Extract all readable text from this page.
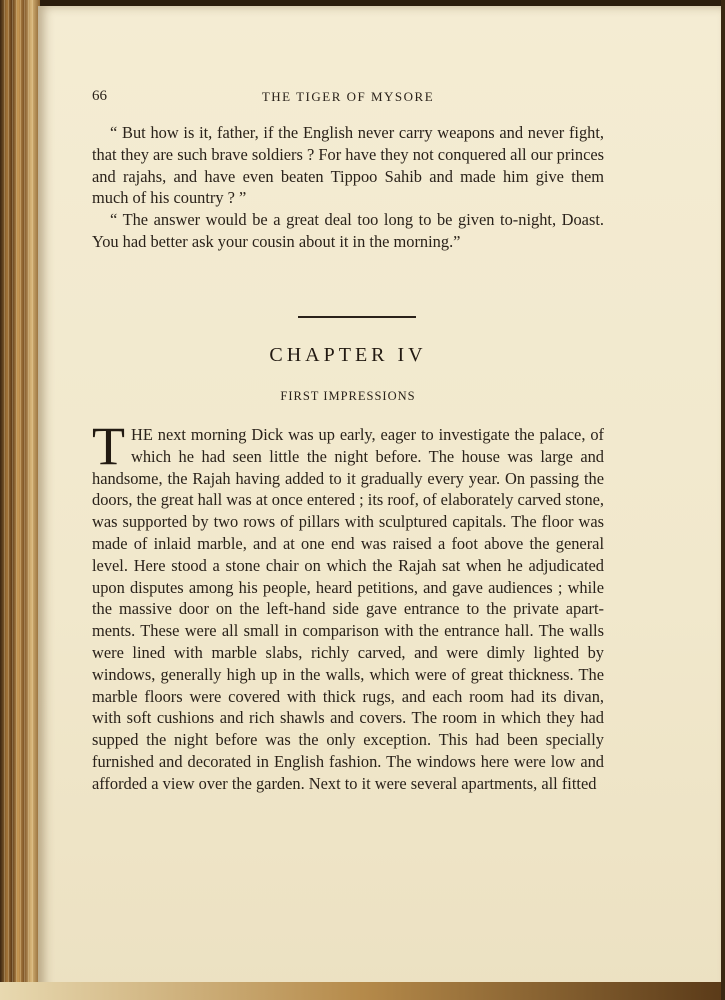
66	THE TIGER OF MYSORE

“ But how is it, father, if the English never carry weapons and never fight, that they are such brave soldiers ? For have they not conquered all our princes and rajahs, and have even beaten Tippoo Sahib and made him give them much of his country ? ”

“ The answer would be a great deal too long to be given to-night, Doast. You had better ask your cousin about it in the morning.”

CHAPTER IV
FIRST IMPRESSIONS

THE next morning Dick was up early, eager to investigate the palace, of which he had seen little the night before. The house was large and handsome, the Rajah having added to it gradually every year. On passing the doors, the great hall was at once entered ; its roof, of elaborately carved stone, was supported by two rows of pillars with sculptured capitals. The floor was made of inlaid marble, and at one end was raised a foot above the general level. Here stood a stone chair on which the Rajah sat when he adjudicated upon disputes among his people, heard petitions, and gave audiences ; while the massive door on the left-hand side gave entrance to the private apart-ments. These were all small in comparison with the entrance hall. The walls were lined with marble slabs, richly carved, and were dimly lighted by windows, generally high up in the walls, which were of great thickness. The marble floors were covered with thick rugs, and each room had its divan, with soft cushions and rich shawls and covers. The room in which they had supped the night before was the only exception. This had been specially furnished and decorated in English fashion. The windows here were low and afforded a view over the garden. Next to it were several apartments, all fitted
